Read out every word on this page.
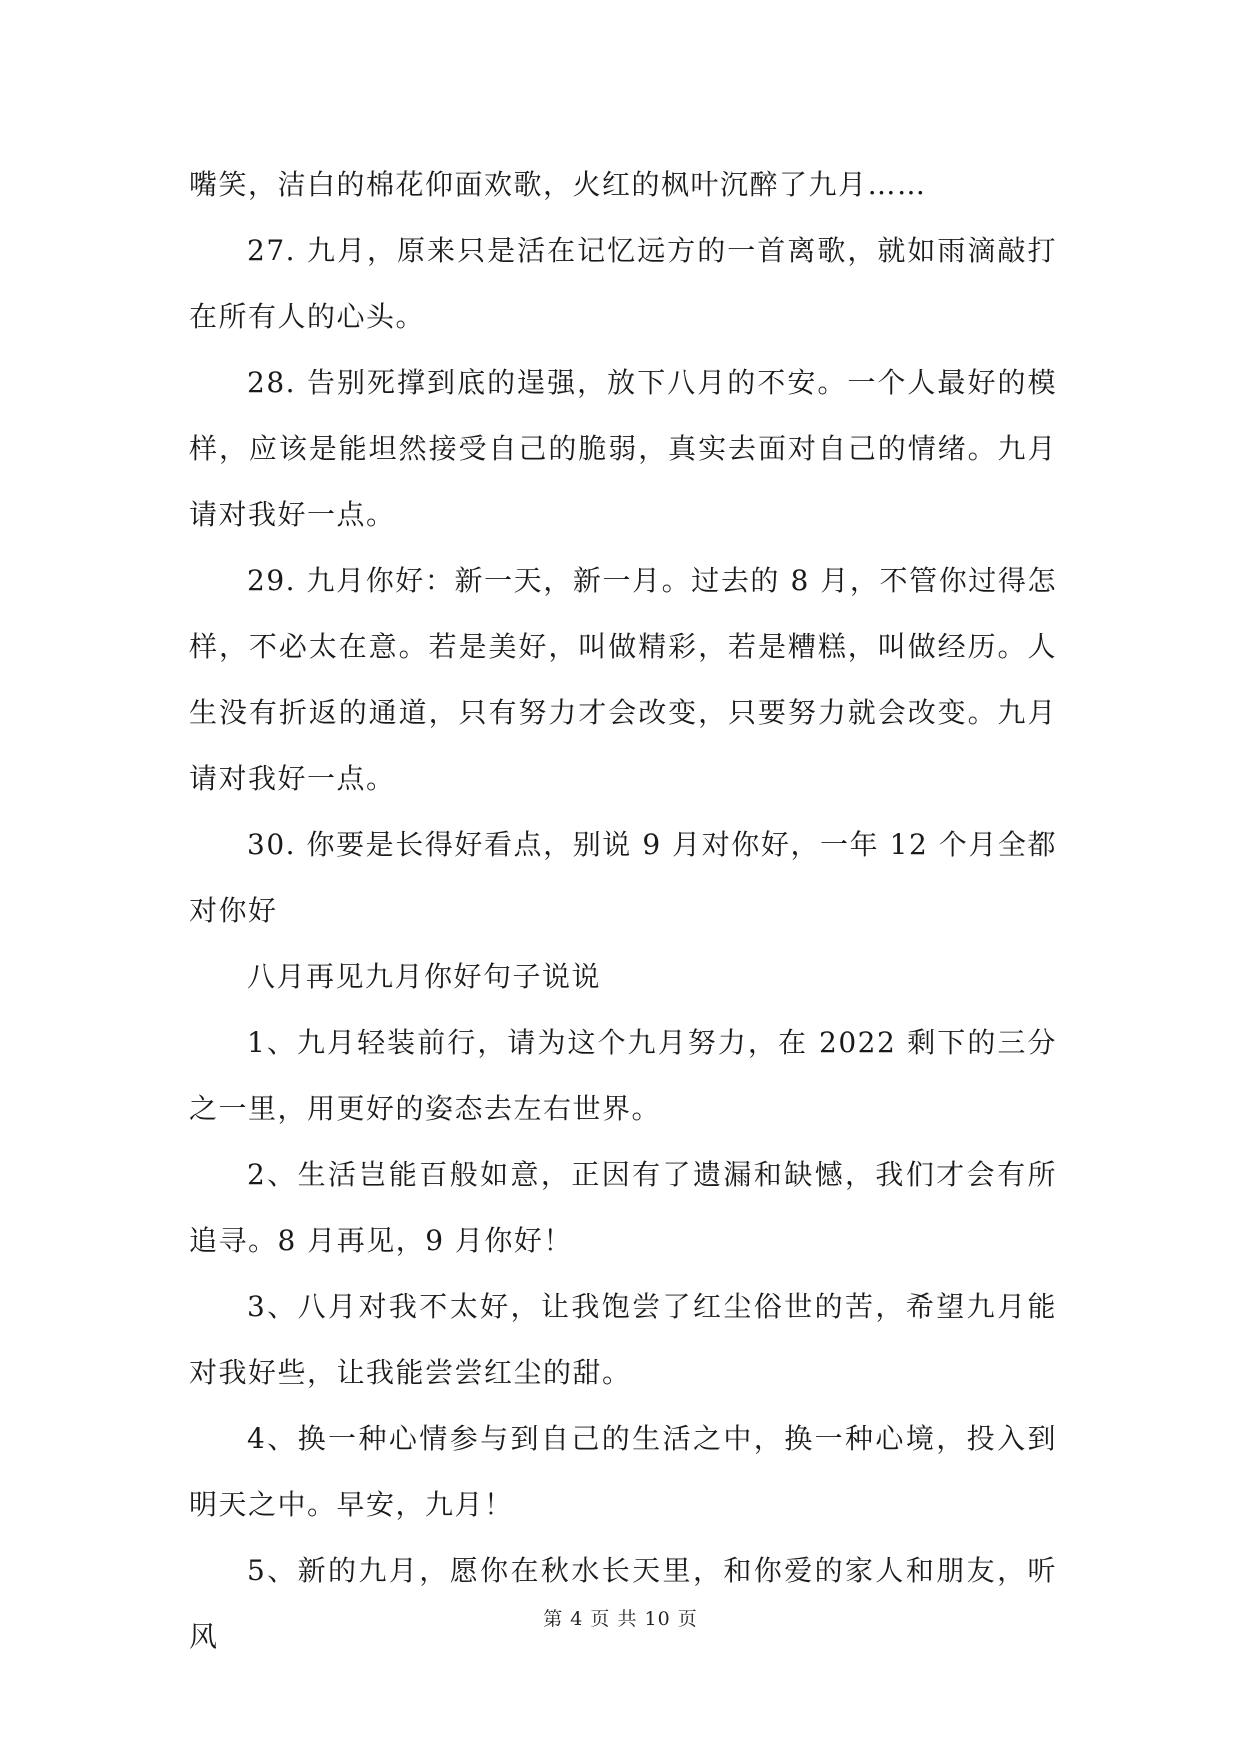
嘴笑，洁白的棉花仰面欢歌，火红的枫叶沉醉了九月……

27. 九月，原来只是活在记忆远方的一首离歌，就如雨滴敲打在所有人的心头。

28. 告别死撑到底的逞强，放下八月的不安。一个人最好的模样，应该是能坦然接受自己的脆弱，真实去面对自己的情绪。九月请对我好一点。

29. 九月你好：新一天，新一月。过去的 8 月，不管你过得怎样，不必太在意。若是美好，叫做精彩，若是糟糕，叫做经历。人生没有折返的通道，只有努力才会改变，只要努力就会改变。九月请对我好一点。

30. 你要是长得好看点，别说 9 月对你好，一年 12 个月全都对你好

八月再见九月你好句子说说

1、九月轻装前行，请为这个九月努力，在 2022 剩下的三分之一里，用更好的姿态去左右世界。

2、生活岂能百般如意，正因有了遗漏和缺憾，我们才会有所追寻。8 月再见，9 月你好！

3、八月对我不太好，让我饱尝了红尘俗世的苦，希望九月能对我好些，让我能尝尝红尘的甜。

4、换一种心情参与到自己的生活之中，换一种心境，投入到明天之中。早安，九月！

5、新的九月，愿你在秋水长天里，和你爱的家人和朋友，听风

第 4 页 共 10 页
